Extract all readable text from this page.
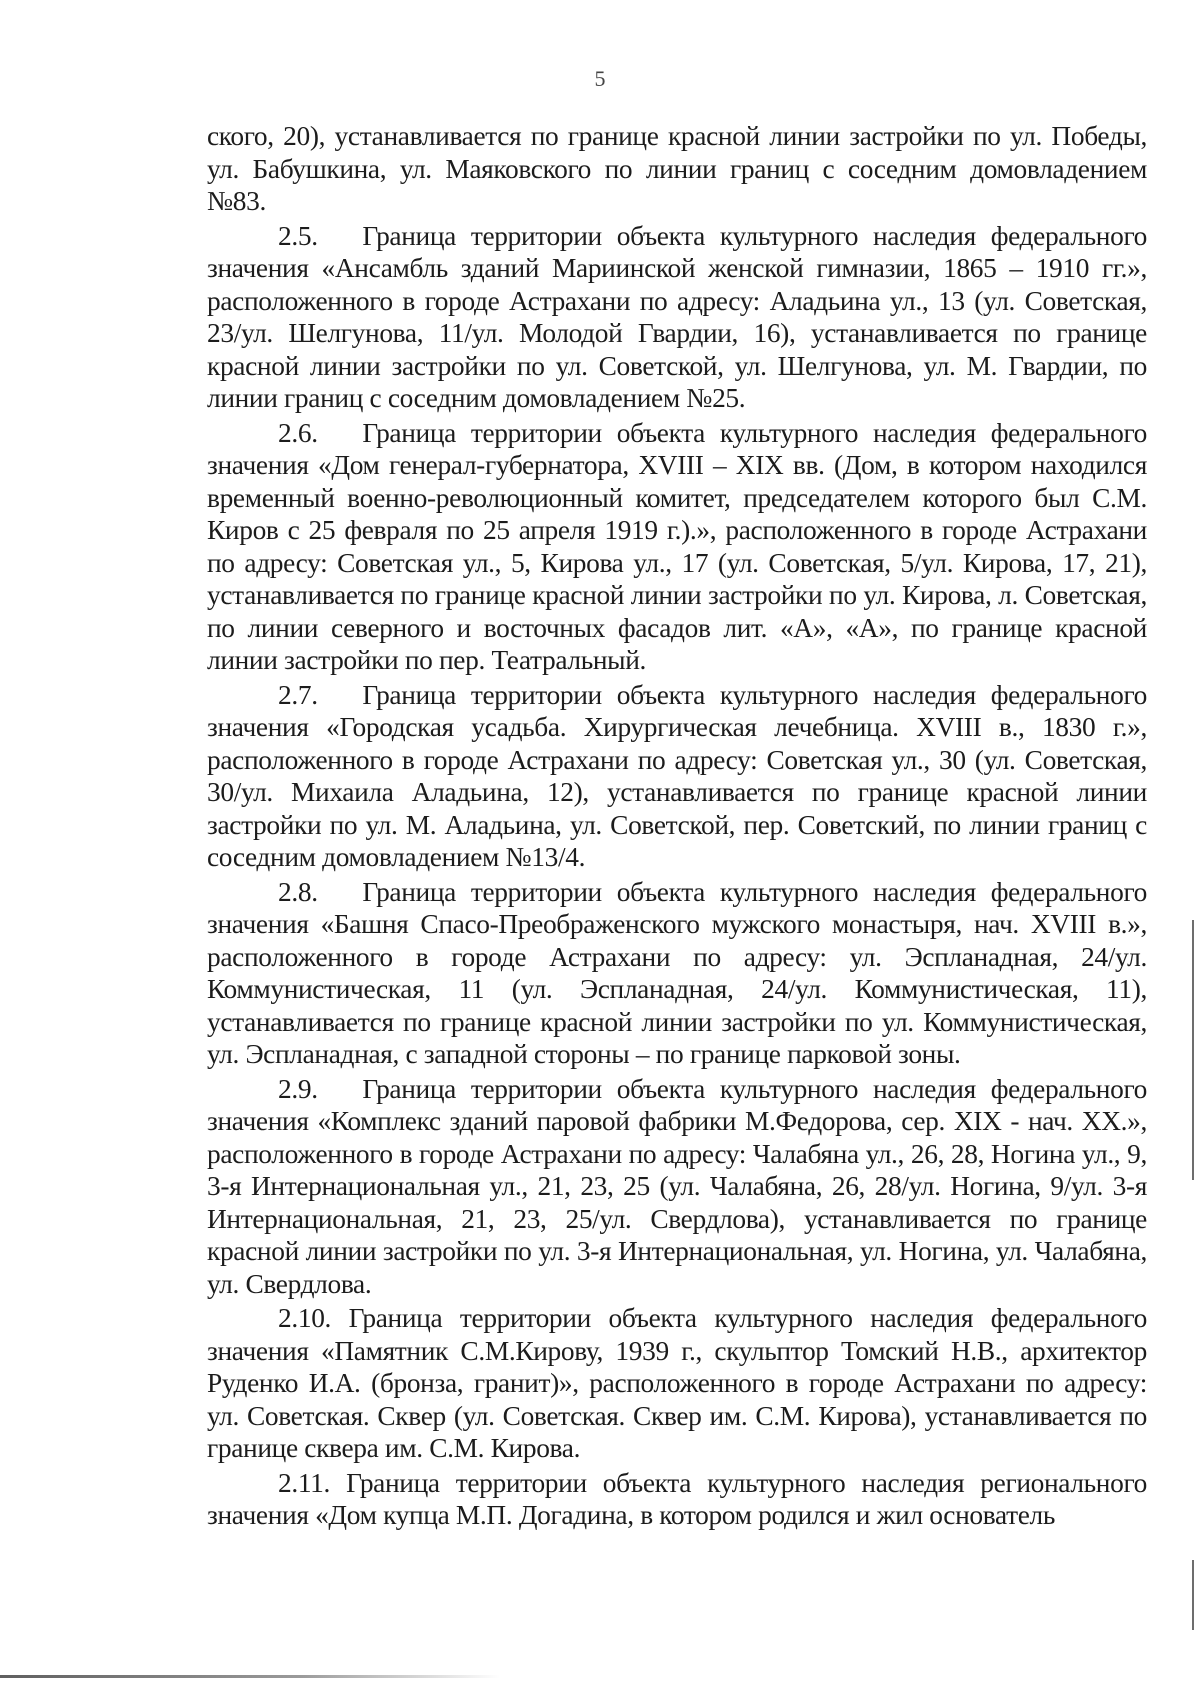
5

ского, 20), устанавливается по границе красной линии застройки по ул. Победы, ул. Бабушкина, ул. Маяковского по линии границ с соседним домовладением №83.

2.5.   Граница территории объекта культурного наследия федерального значения «Ансамбль зданий Мариинской женской гимназии, 1865 – 1910 гг.», расположенного в городе Астрахани по адресу: Аладьина ул., 13 (ул. Советская, 23/ул. Шелгунова, 11/ул. Молодой Гвардии, 16), устанавливается по границе красной линии застройки по ул. Советской, ул. Шелгунова, ул. М. Гвардии, по линии границ с соседним домовладением №25.

2.6.   Граница территории объекта культурного наследия федерального значения «Дом генерал-губернатора, XVIII – XIX вв. (Дом, в котором находился временный военно-революционный комитет, председателем которого был С.М. Киров с 25 февраля по 25 апреля 1919 г.).», расположенного в городе Астрахани по адресу: Советская ул., 5, Кирова ул., 17 (ул. Советская, 5/ул. Кирова, 17, 21), устанавливается по границе красной линии застройки по ул. Кирова, л. Советская, по линии северного и восточных фасадов лит. «А», «А», по границе красной линии застройки по пер. Театральный.

2.7.   Граница территории объекта культурного наследия федерального значения «Городская усадьба. Хирургическая лечебница. XVIII в., 1830 г.», расположенного в городе Астрахани по адресу: Советская ул., 30 (ул. Советская, 30/ул. Михаила Аладьина, 12), устанавливается по границе красной линии застройки по ул. М. Аладьина, ул. Советской, пер. Советский, по линии границ с соседним домовладением №13/4.

2.8.   Граница территории объекта культурного наследия федерального значения «Башня Спасо-Преображенского мужского монастыря, нач. XVIII в.», расположенного в городе Астрахани по адресу: ул. Эспланадная, 24/ул. Коммунистическая, 11 (ул. Эспланадная, 24/ул. Коммунистическая, 11), устанавливается по границе красной линии застройки по ул. Коммунистическая, ул. Эспланадная, с западной стороны – по границе парковой зоны.

2.9.   Граница территории объекта культурного наследия федерального значения «Комплекс зданий паровой фабрики М.Федорова, сер. XIX - нач. XX.», расположенного в городе Астрахани по адресу: Чалабяна ул., 26, 28, Ногина ул., 9, 3-я Интернациональная ул., 21, 23, 25 (ул. Чалабяна, 26, 28/ул. Ногина, 9/ул. 3-я Интернациональная, 21, 23, 25/ул. Свердлова), устанавливается по границе красной линии застройки по ул. 3-я Интернациональная, ул. Ногина, ул. Чалабяна, ул. Свердлова.

2.10. Граница территории объекта культурного наследия федерального значения «Памятник С.М.Кирову, 1939 г., скульптор Томский Н.В., архитектор Руденко И.А. (бронза, гранит)», расположенного в городе Астрахани по адресу: ул. Советская. Сквер (ул. Советская. Сквер им. С.М. Кирова), устанавливается по границе сквера им. С.М. Кирова.

2.11. Граница территории объекта культурного наследия регионального значения «Дом купца М.П. Догадина, в котором родился и жил основатель
